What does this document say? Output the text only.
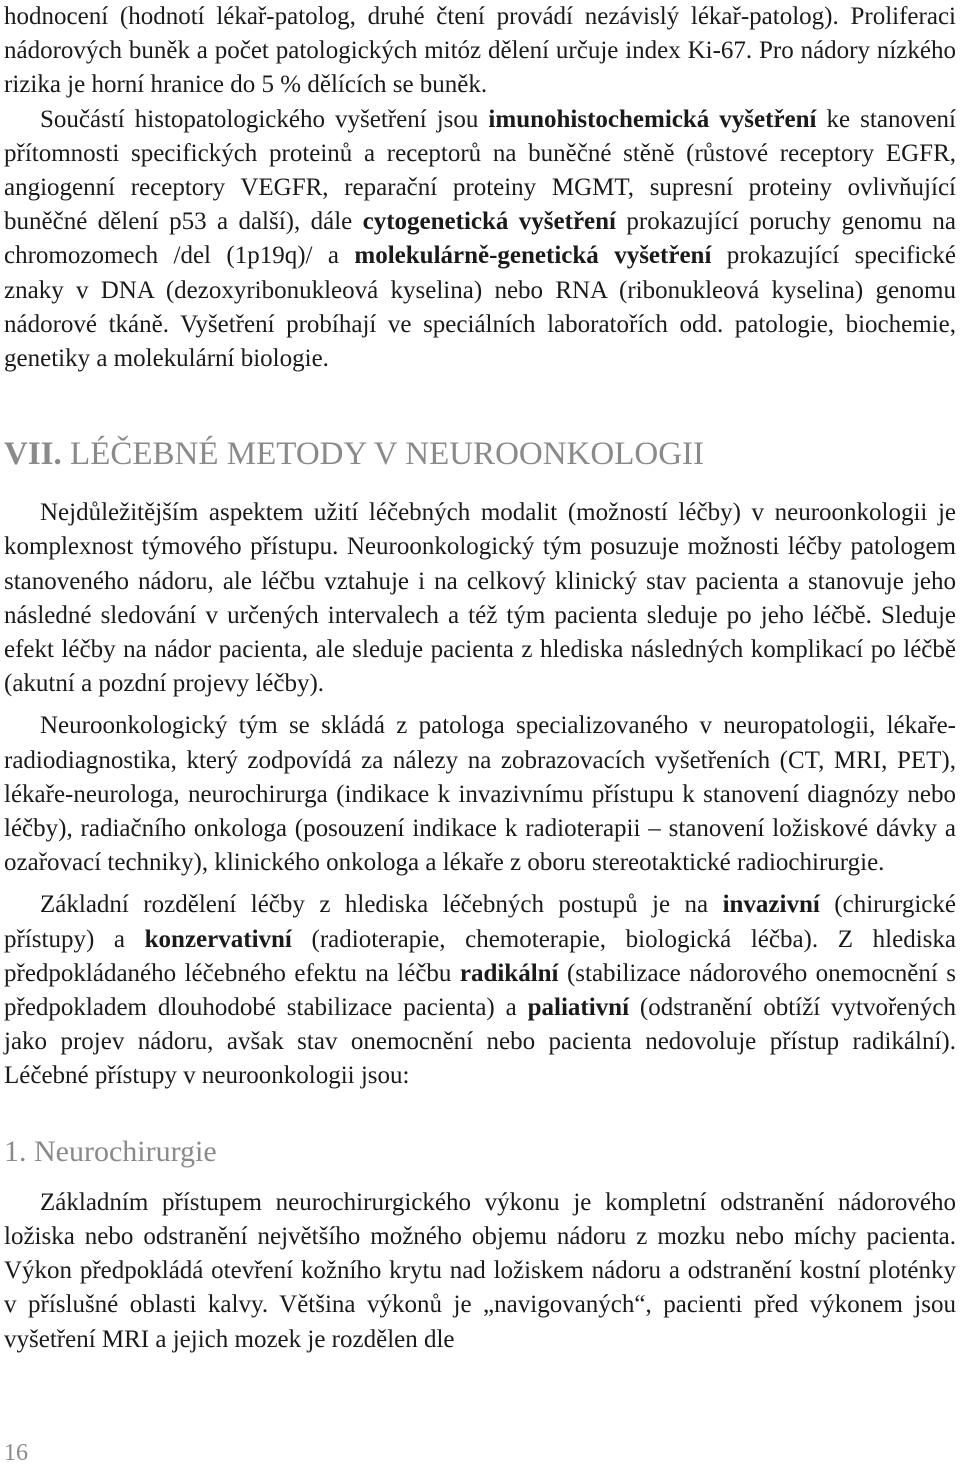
hodnocení (hodnotí lékař-patolog, druhé čtení provádí nezávislý lékař-patolog). Proliferaci nádorových buněk a počet patologických mitóz dělení určuje index Ki-67. Pro nádory nízkého rizika je horní hranice do 5 % dělících se buněk.

Součástí histopatologického vyšetření jsou imunohistochemická vyšetření ke stanovení přítomnosti specifických proteinů a receptorů na buněčné stěně (růstové receptory EGFR, angiogenní receptory VEGFR, reparační proteiny MGMT, supresní proteiny ovlivňující buněčné dělení p53 a další), dále cytogenetická vyšetření prokazující poruchy genomu na chromozomech /del (1p19q)/ a molekulárně-genetická vyšetření prokazující specifické znaky v DNA (dezoxyribonukleová kyselina) nebo RNA (ribonukleová kyselina) genomu nádorové tkáně. Vyšetření probíhají ve speciálních laboratořích odd. patologie, biochemie, genetiky a molekulární biologie.

VII. LÉČEBNÉ METODY V NEUROONKOLOGII

Nejdůležitějším aspektem užití léčebných modalit (možností léčby) v neuroonkologii je komplexnost týmového přístupu. Neuroonkologický tým posuzuje možnosti léčby patologem stanoveného nádoru, ale léčbu vztahuje i na celkový klinický stav pacienta a stanovuje jeho následné sledování v určených intervalech a též tým pacienta sleduje po jeho léčbě. Sleduje efekt léčby na nádor pacienta, ale sleduje pacienta z hlediska následných komplikací po léčbě (akutní a pozdní projevy léčby).

Neuroonkologický tým se skládá z patologa specializovaného v neuropatologii, lékaře-radiodiagnostika, který zodpovídá za nálezy na zobrazovacích vyšetřeních (CT, MRI, PET), lékaře-neurologa, neurochirurga (indikace k invazivnímu přístupu k stanovení diagnózy nebo léčby), radiačního onkologa (posouzení indikace k radioterapii – stanovení ložiskové dávky a ozařovací techniky), klinického onkologa a lékaře z oboru stereotaktické radiochirurgie.

Základní rozdělení léčby z hlediska léčebných postupů je na invazivní (chirurgické přístupy) a konzervativní (radioterapie, chemoterapie, biologická léčba). Z hlediska předpokládaného léčebného efektu na léčbu radikální (stabilizace nádorového onemocnění s předpokladem dlouhodobé stabilizace pacienta) a paliativní (odstranění obtíží vytvořených jako projev nádoru, avšak stav onemocnění nebo pacienta nedovoluje přístup radikální). Léčebné přístupy v neuroonkologii jsou:

1. Neurochirurgie

Základním přístupem neurochirurgického výkonu je kompletní odstranění nádorového ložiska nebo odstranění největšího možného objemu nádoru z mozku nebo míchy pacienta. Výkon předpokládá otevření kožního krytu nad ložiskem nádoru a odstranění kostní ploténky v příslušné oblasti kalvy. Většina výkonů je „navigovaných“, pacienti před výkonem jsou vyšetření MRI a jejich mozek je rozdělen dle

16
